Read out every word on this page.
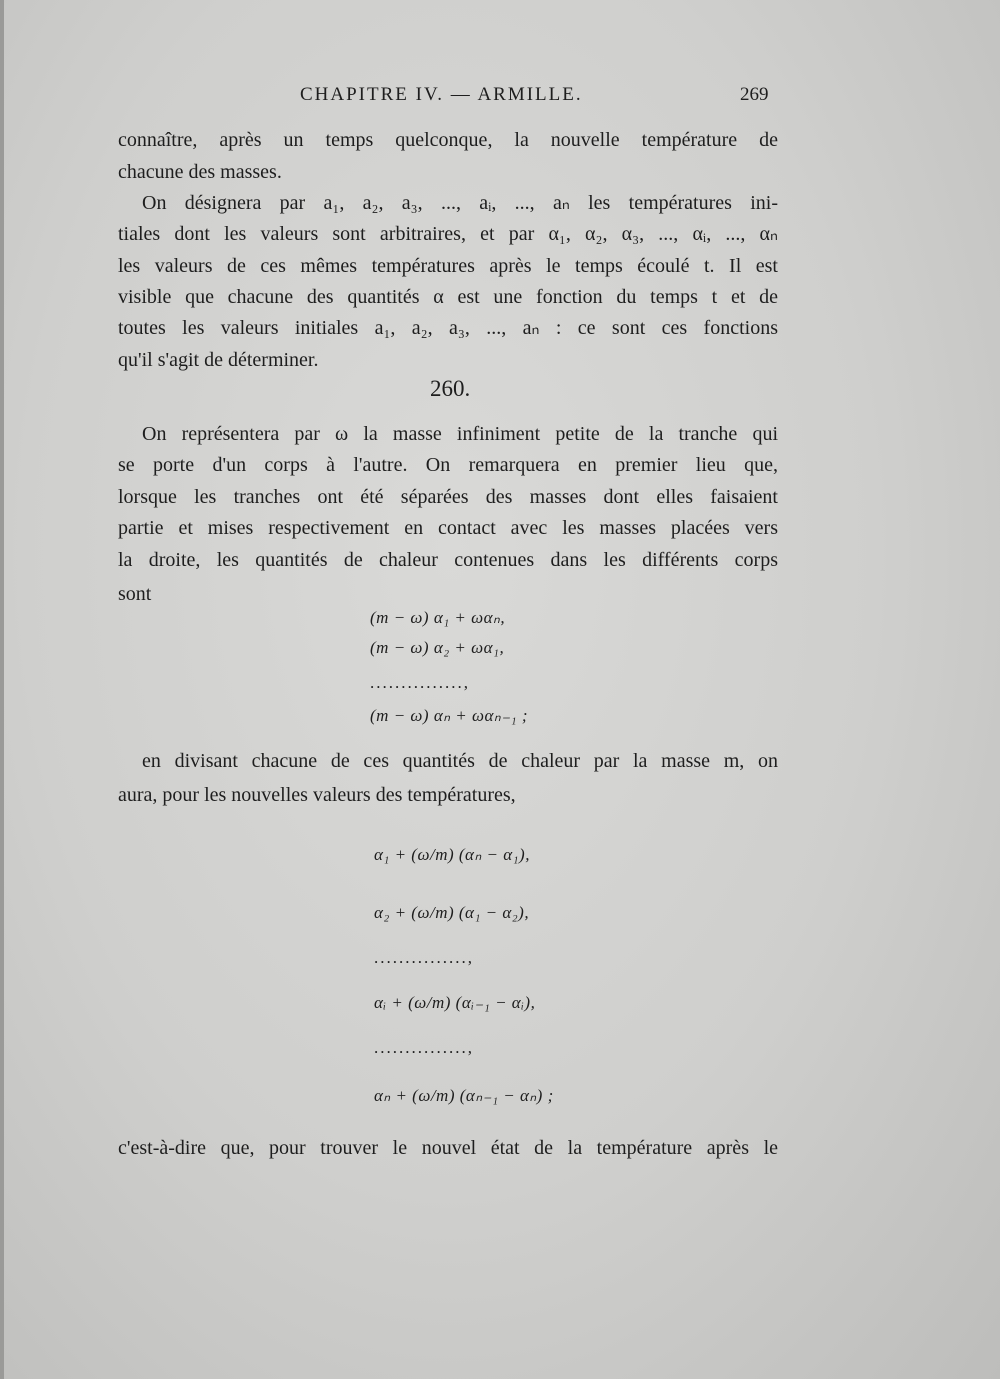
CHAPITRE IV. — ARMILLE.	269
connaître, après un temps quelconque, la nouvelle température de
chacune des masses.
On désignera par a₁, a₂, a₃, ..., aᵢ, ..., aₙ les températures ini-
tiales dont les valeurs sont arbitraires, et par α₁, α₂, α₃, ..., αᵢ, ..., αₙ
les valeurs de ces mêmes températures après le temps écoulé t. Il est
visible que chacune des quantités α est une fonction du temps t et de
toutes les valeurs initiales a₁, a₂, a₃, ..., aₙ : ce sont ces fonctions
qu'il s'agit de déterminer.
260.
On représentera par ω la masse infiniment petite de la tranche qui
se porte d'un corps à l'autre. On remarquera en premier lieu que,
lorsque les tranches ont été séparées des masses dont elles faisaient
partie et mises respectivement en contact avec les masses placées vers
la droite, les quantités de chaleur contenues dans les différents corps
sont
(m − ω) α₁ + ωαₙ,
(m − ω) α₂ + ωα₁,
...............,
(m − ω) αₙ + ωαₙ₋₁ ;
en divisant chacune de ces quantités de chaleur par la masse m, on
aura, pour les nouvelles valeurs des températures,
α₁ + (ω/m) (αₙ − α₁),
α₂ + (ω/m) (α₁ − α₂),
...............,
αᵢ + (ω/m) (αᵢ₋₁ − αᵢ),
...............,
αₙ + (ω/m) (αₙ₋₁ − αₙ) ;
c'est-à-dire que, pour trouver le nouvel état de la température après le
